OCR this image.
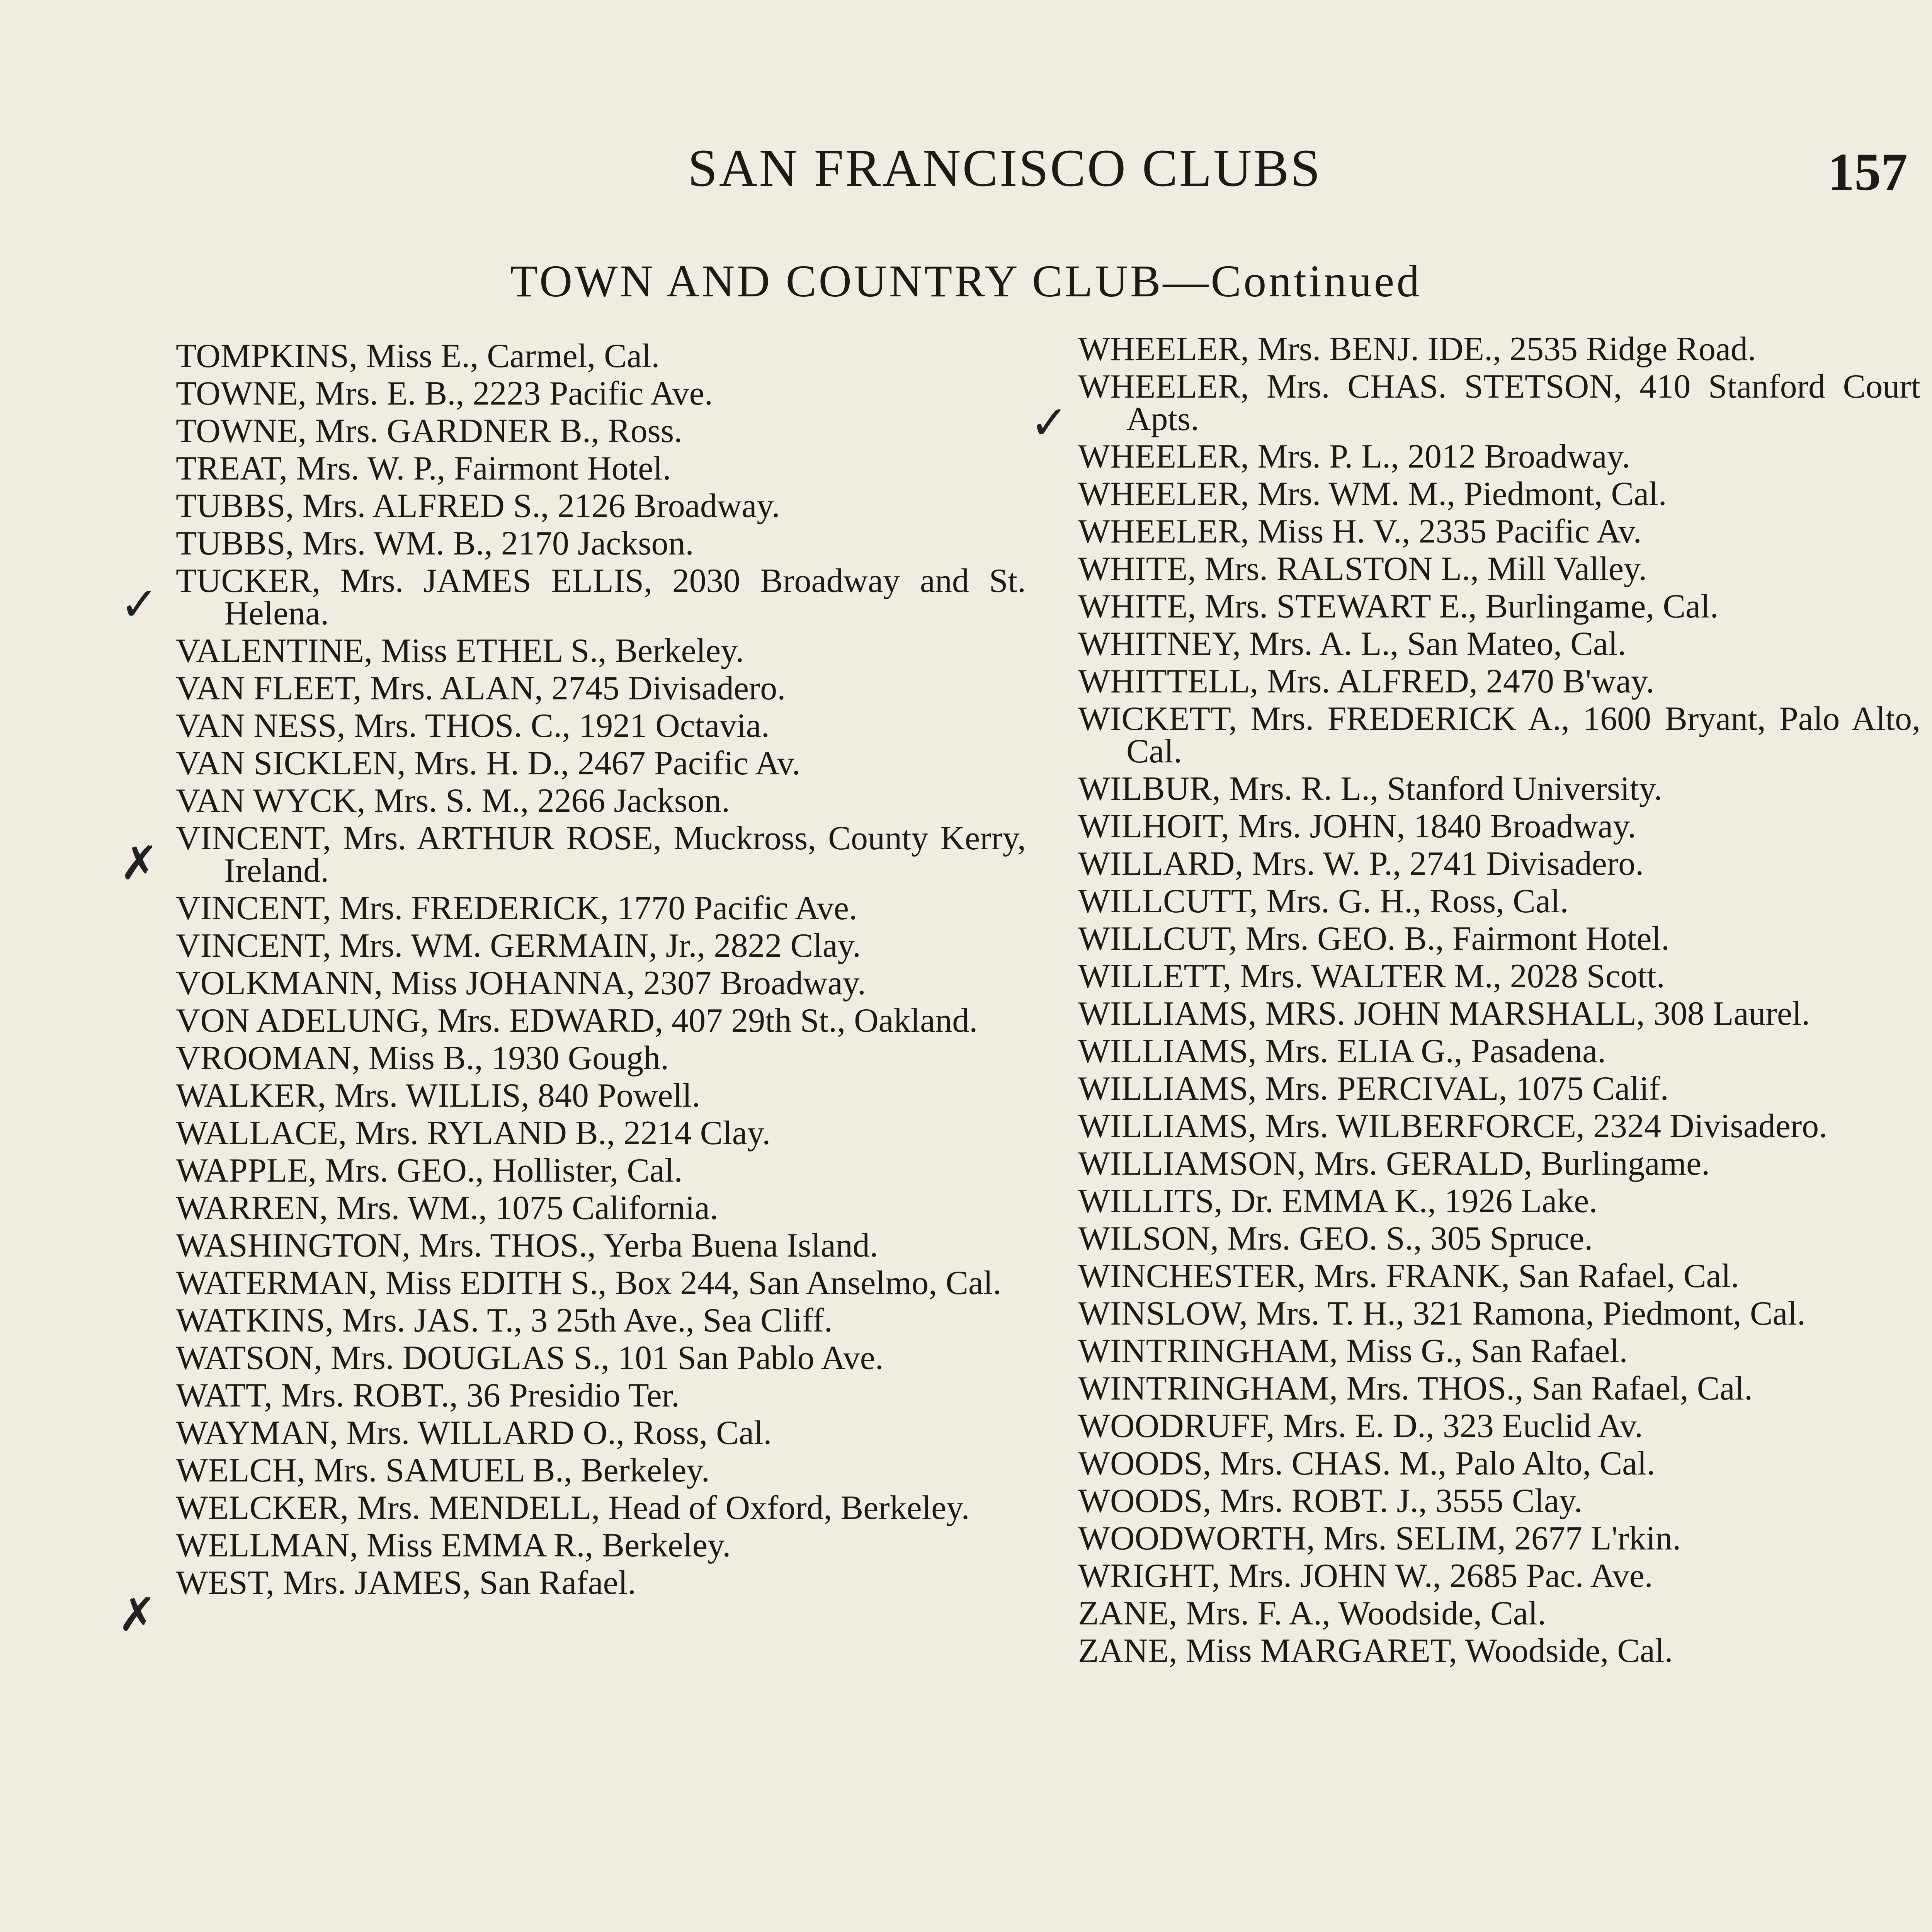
SAN FRANCISCO CLUBS	157
TOWN AND COUNTRY CLUB—Continued
TOMPKINS, Miss E., Carmel, Cal.
TOWNE, Mrs. E. B., 2223 Pacific Ave.
TOWNE, Mrs. GARDNER B., Ross.
TREAT, Mrs. W. P., Fairmont Hotel.
TUBBS, Mrs. ALFRED S., 2126 Broadway.
TUBBS, Mrs. WM. B., 2170 Jackson.
TUCKER, Mrs. JAMES ELLIS, 2030 Broadway and St. Helena.
VALENTINE, Miss ETHEL S., Berkeley.
VAN FLEET, Mrs. ALAN, 2745 Divisadero.
VAN NESS, Mrs. THOS. C., 1921 Octavia.
VAN SICKLEN, Mrs. H. D., 2467 Pacific Av.
VAN WYCK, Mrs. S. M., 2266 Jackson.
VINCENT, Mrs. ARTHUR ROSE, Muckross, County Kerry, Ireland.
VINCENT, Mrs. FREDERICK, 1770 Pacific Ave.
VINCENT, Mrs. WM. GERMAIN, Jr., 2822 Clay.
VOLKMANN, Miss JOHANNA, 2307 Broadway.
VON ADELUNG, Mrs. EDWARD, 407 29th St., Oakland.
VROOMAN, Miss B., 1930 Gough.
WALKER, Mrs. WILLIS, 840 Powell.
WALLACE, Mrs. RYLAND B., 2214 Clay.
WAPPLE, Mrs. GEO., Hollister, Cal.
WARREN, Mrs. WM., 1075 California.
WASHINGTON, Mrs. THOS., Yerba Buena Island.
WATERMAN, Miss EDITH S., Box 244, San Anselmo, Cal.
WATKINS, Mrs. JAS. T., 3 25th Ave., Sea Cliff.
WATSON, Mrs. DOUGLAS S., 101 San Pablo Ave.
WATT, Mrs. ROBT., 36 Presidio Ter.
WAYMAN, Mrs. WILLARD O., Ross, Cal.
WELCH, Mrs. SAMUEL B., Berkeley.
WELCKER, Mrs. MENDELL, Head of Oxford, Berkeley.
WELLMAN, Miss EMMA R., Berkeley.
WEST, Mrs. JAMES, San Rafael.
WHEELER, Mrs. BENJ. IDE., 2535 Ridge Road.
WHEELER, Mrs. CHAS. STETSON, 410 Stanford Court Apts.
WHEELER, Mrs. P. L., 2012 Broadway.
WHEELER, Mrs. WM. M., Piedmont, Cal.
WHEELER, Miss H. V., 2335 Pacific Av.
WHITE, Mrs. RALSTON L., Mill Valley.
WHITE, Mrs. STEWART E., Burlingame, Cal.
WHITNEY, Mrs. A. L., San Mateo, Cal.
WHITTELL, Mrs. ALFRED, 2470 B'way.
WICKETT, Mrs. FREDERICK A., 1600 Bryant, Palo Alto, Cal.
WILBUR, Mrs. R. L., Stanford University.
WILHOIT, Mrs. JOHN, 1840 Broadway.
WILLARD, Mrs. W. P., 2741 Divisadero.
WILLCUTT, Mrs. G. H., Ross, Cal.
WILLCUT, Mrs. GEO. B., Fairmont Hotel.
WILLETT, Mrs. WALTER M., 2028 Scott.
WILLIAMS, MRS. JOHN MARSHALL, 308 Laurel.
WILLIAMS, Mrs. ELIA G., Pasadena.
WILLIAMS, Mrs. PERCIVAL, 1075 Calif.
WILLIAMS, Mrs. WILBERFORCE, 2324 Divisadero.
WILLIAMSON, Mrs. GERALD, Burlingame.
WILLITS, Dr. EMMA K., 1926 Lake.
WILSON, Mrs. GEO. S., 305 Spruce.
WINCHESTER, Mrs. FRANK, San Rafael, Cal.
WINSLOW, Mrs. T. H., 321 Ramona, Piedmont, Cal.
WINTRINGHAM, Miss G., San Rafael.
WINTRINGHAM, Mrs. THOS., San Rafael, Cal.
WOODRUFF, Mrs. E. D., 323 Euclid Av.
WOODS, Mrs. CHAS. M., Palo Alto, Cal.
WOODS, Mrs. ROBT. J., 3555 Clay.
WOODWORTH, Mrs. SELIM, 2677 L'rkin.
WRIGHT, Mrs. JOHN W., 2685 Pac. Ave.
ZANE, Mrs. F. A., Woodside, Cal.
ZANE, Miss MARGARET, Woodside, Cal.
✓
✗
✗
✓
